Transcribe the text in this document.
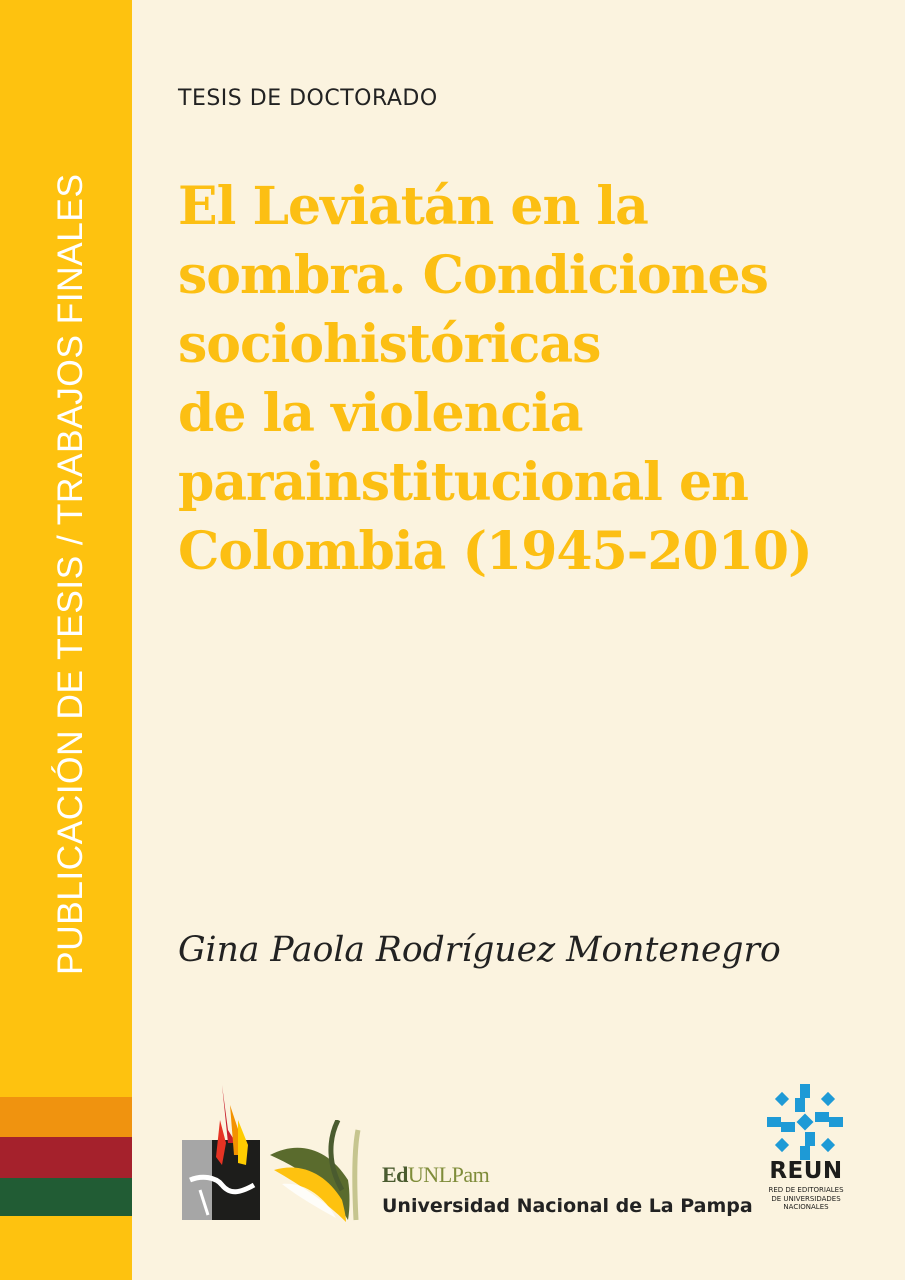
PUBLICACIÓN DE TESIS / TRABAJOS FINALES
TESIS DE DOCTORADO
El Leviatán en la
sombra. Condiciones
sociohistóricas
de la violencia
parainstitucional en
Colombia (1945-2010)
Gina Paola Rodríguez Montenegro
EdUNLPam
Universidad Nacional de La Pampa
REUN
RED DE EDITORIALES
DE UNIVERSIDADES
NACIONALES
